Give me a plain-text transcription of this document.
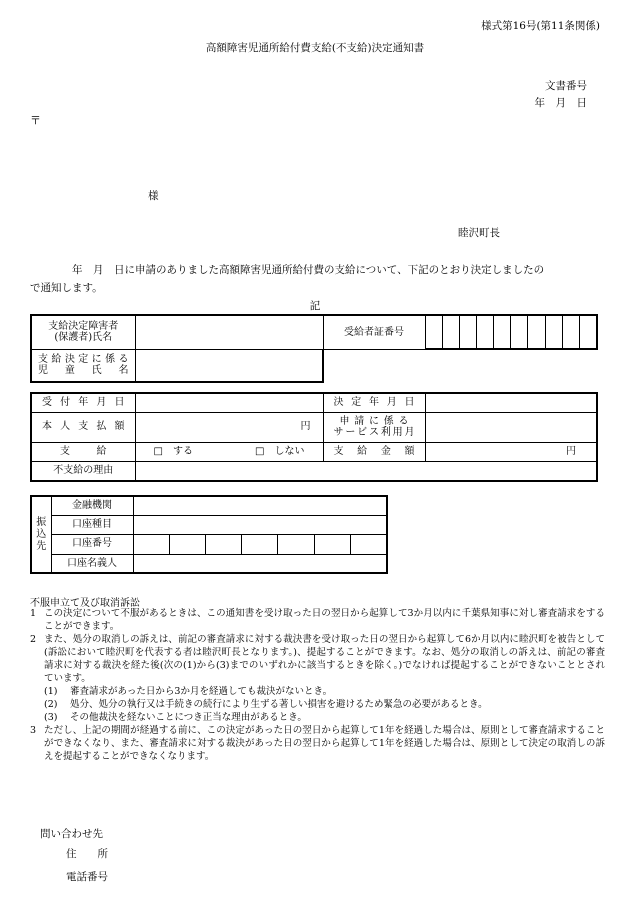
様式第16号(第11条関係)
高額障害児通所給付費支給(不支給)決定通知書
文書番号
年　月　日
〒
様
睦沢町長
年　月　日に申請のありました高額障害児通所給付費の支給について、下記のとおり決定しましたの
で通知します。
記
支給決定障害者
(保護者)氏名		受給者証番号	

支給決定に係る
児　童　氏　名			

受付年月日		決定年月日	
本人支払額	円	申請に係る
サービス利用月	

支　給	□　 する □　 しない	支給金額	円
不支給の理由			
振込先	金融機関	
	口座種目	
	口座番号	

	口座名義人	
不服申立て及び取消訴訟
1 この決定について不服があるときは、この通知書を受け取った日の翌日から起算して3か月以内に千葉県知事に対し審査請求をすることができます。
2 また、処分の取消しの訴えは、前記の審査請求に対する裁決書を受け取った日の翌日から起算して6か月以内に睦沢町を被告として(訴訟において睦沢町を代表する者は睦沢町長となります。)、提起することができます。なお、処分の取消しの訴えは、前記の審査請求に対する裁決を経た後(次の(1)から(3)までのいずれかに該当するときを除く。)でなければ提起することができないこととされています。
(1)	審査請求があった日から3か月を経過しても裁決がないとき。
(2)	処分、処分の執行又は手続きの続行により生ずる著しい損害を避けるため緊急の必要があるとき。
(3)	その他裁決を経ないことにつき正当な理由があるとき。
3 ただし、上記の期間が経過する前に、この決定があった日の翌日から起算して1年を経過した場合は、原則として審査請求することができなくなり、また、審査請求に対する裁決があった日の翌日から起算して1年を経過した場合は、原則として決定の取消しの訴えを提起することができなくなります。
問い合わせ先
住　　所
電話番号
